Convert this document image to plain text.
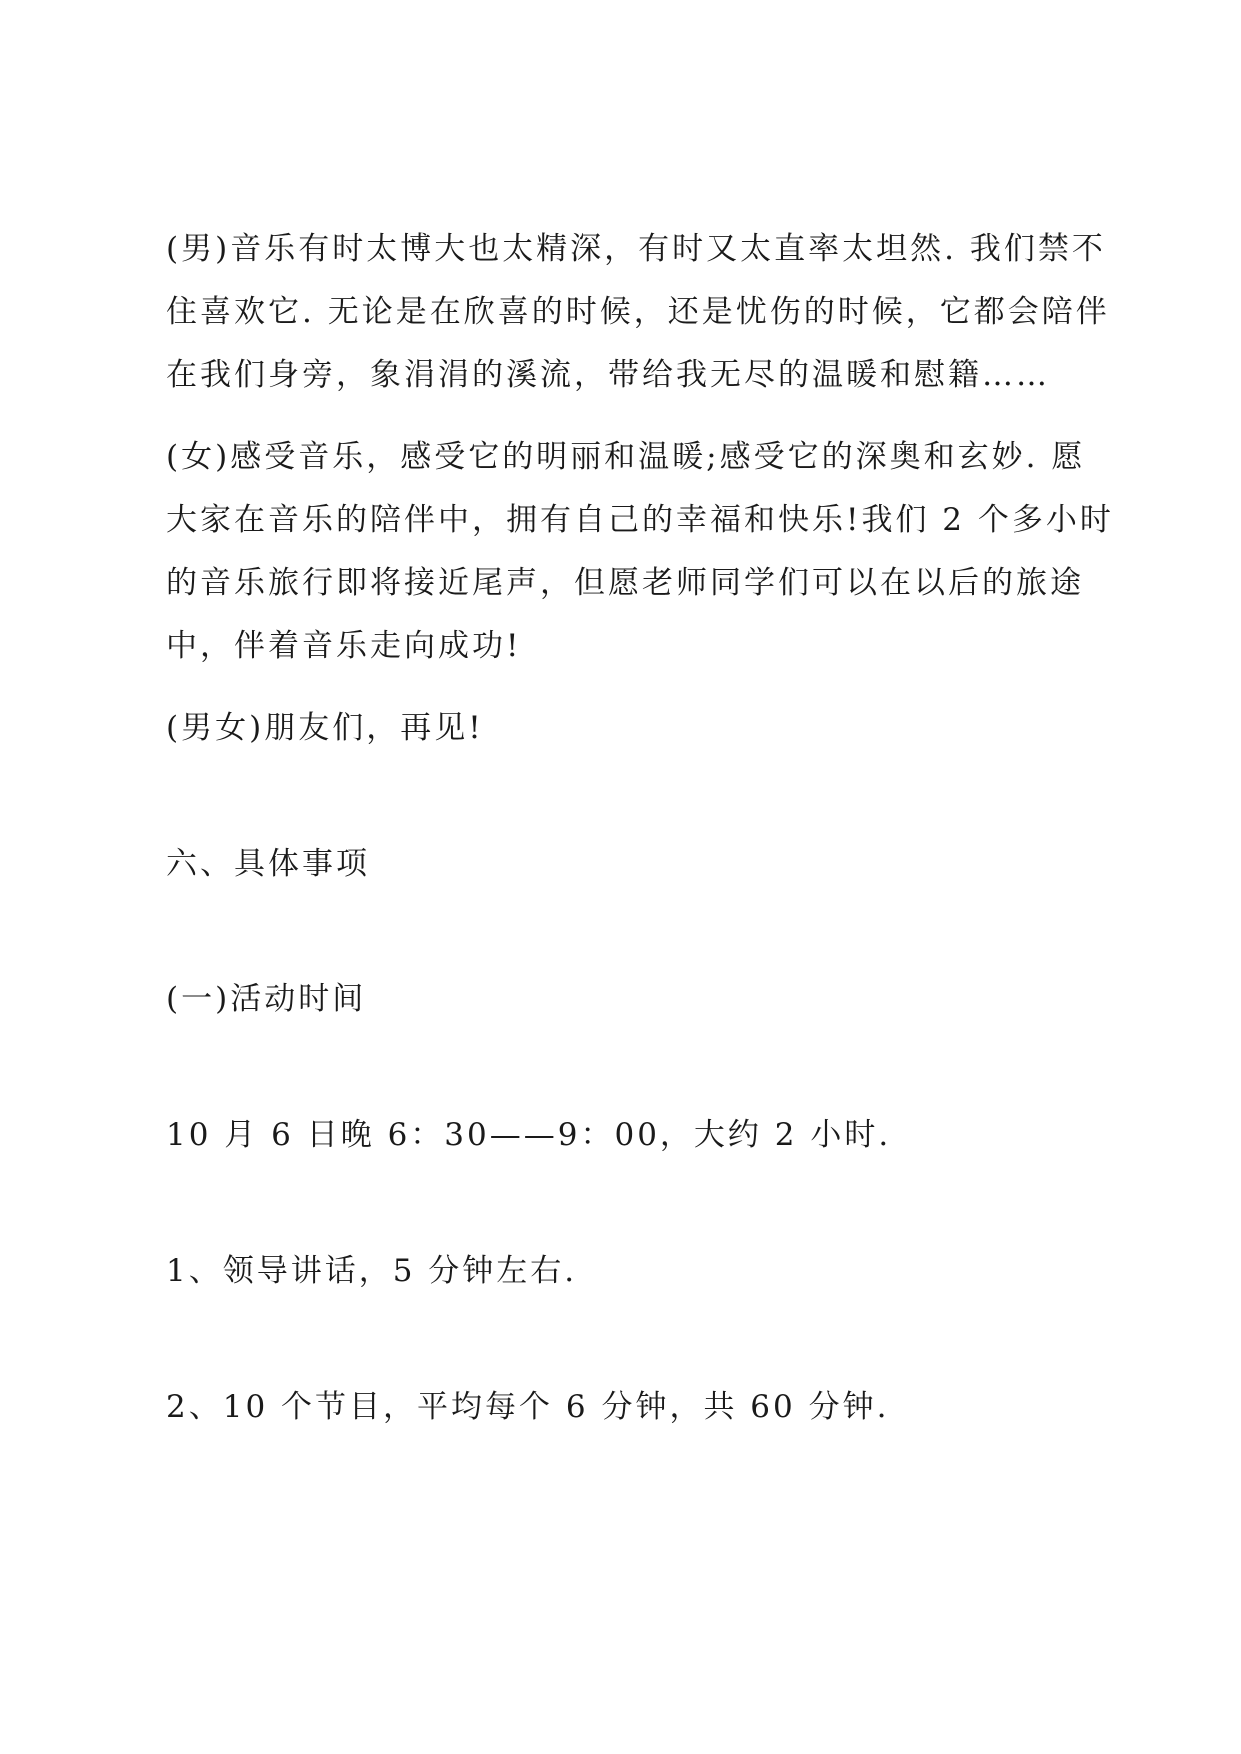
(男)音乐有时太博大也太精深，有时又太直率太坦然. 我们禁不
住喜欢它. 无论是在欣喜的时候，还是忧伤的时候，它都会陪伴
在我们身旁，象涓涓的溪流，带给我无尽的温暖和慰籍……

(女)感受音乐，感受它的明丽和温暖;感受它的深奥和玄妙. 愿
大家在音乐的陪伴中，拥有自己的幸福和快乐!我们 2 个多小时
的音乐旅行即将接近尾声，但愿老师同学们可以在以后的旅途
中，伴着音乐走向成功!

(男女)朋友们，再见!

六、具体事项

(一)活动时间

10 月 6 日晚 6：30——9：00，大约 2 小时.

1、领导讲话，5 分钟左右.

2、10 个节目，平均每个 6 分钟，共 60 分钟.
